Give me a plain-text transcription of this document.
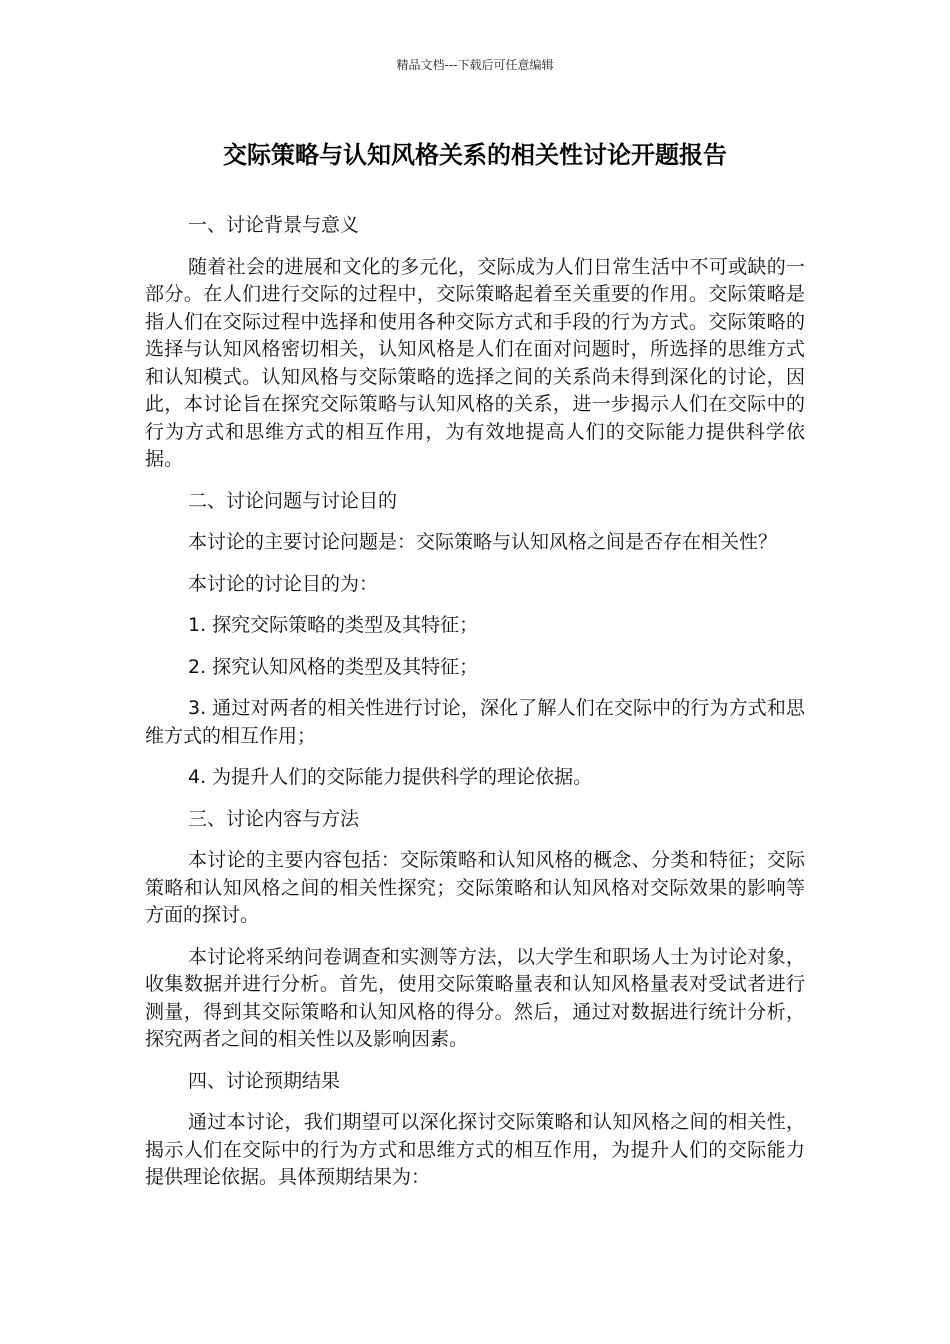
精品文档---下载后可任意编辑
交际策略与认知风格关系的相关性讨论开题报告

一、讨论背景与意义

随着社会的进展和文化的多元化，交际成为人们日常生活中不可或缺的一部分。在人们进行交际的过程中，交际策略起着至关重要的作用。交际策略是指人们在交际过程中选择和使用各种交际方式和手段的行为方式。交际策略的选择与认知风格密切相关，认知风格是人们在面对问题时，所选择的思维方式和认知模式。认知风格与交际策略的选择之间的关系尚未得到深化的讨论，因此，本讨论旨在探究交际策略与认知风格的关系，进一步揭示人们在交际中的行为方式和思维方式的相互作用，为有效地提高人们的交际能力提供科学依据。

二、讨论问题与讨论目的

本讨论的主要讨论问题是：交际策略与认知风格之间是否存在相关性？

本讨论的讨论目的为：

1. 探究交际策略的类型及其特征；

2. 探究认知风格的类型及其特征；

3. 通过对两者的相关性进行讨论，深化了解人们在交际中的行为方式和思维方式的相互作用；

4. 为提升人们的交际能力提供科学的理论依据。

三、讨论内容与方法

本讨论的主要内容包括：交际策略和认知风格的概念、分类和特征；交际策略和认知风格之间的相关性探究；交际策略和认知风格对交际效果的影响等方面的探讨。

本讨论将采纳问卷调查和实测等方法，以大学生和职场人士为讨论对象，收集数据并进行分析。首先，使用交际策略量表和认知风格量表对受试者进行测量，得到其交际策略和认知风格的得分。然后，通过对数据进行统计分析，探究两者之间的相关性以及影响因素。

四、讨论预期结果

通过本讨论，我们期望可以深化探讨交际策略和认知风格之间的相关性，揭示人们在交际中的行为方式和思维方式的相互作用，为提升人们的交际能力提供理论依据。具体预期结果为：
